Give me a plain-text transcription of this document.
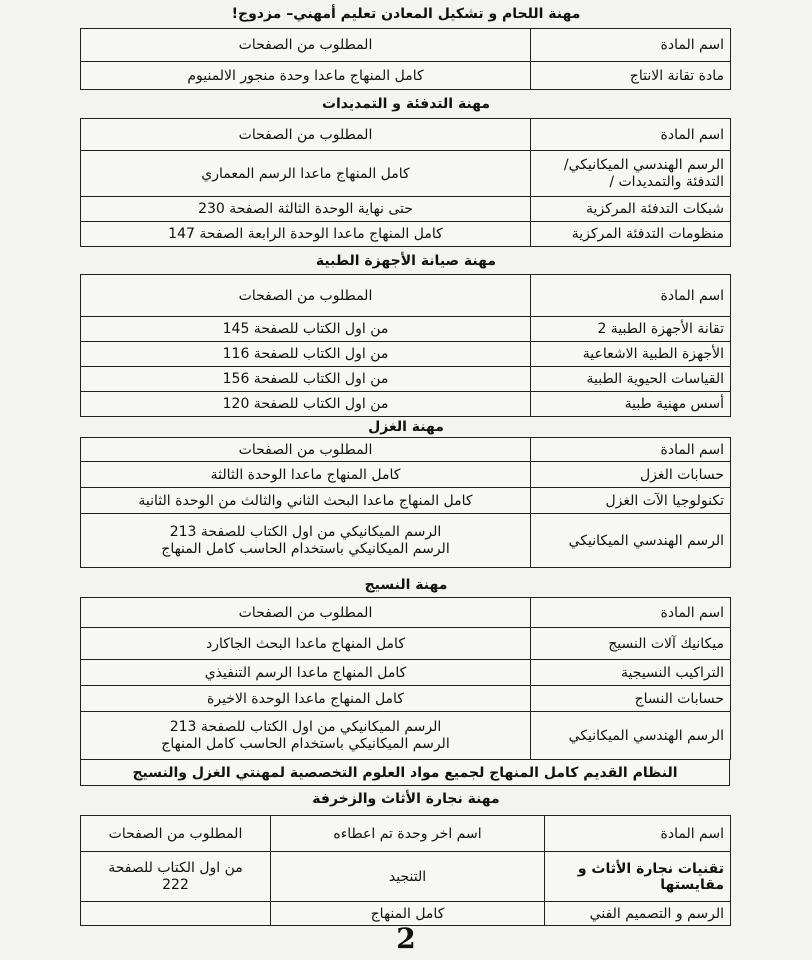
مهنة اللحام و تشكيل المعادن تعليم أمهني– مزدوج!
اسم المادة	المطلوب من الصفحات
مادة تقانة الانتاج	كامل المنهاج ماعدا وحدة منجور الالمنيوم
مهنة التدفئة و التمديدات
اسم المادة	المطلوب من الصفحات

الرسم الهندسي الميكانيكي/
التدفئة والتمديدات /	كامل المنهاج ماعدا الرسم المعماري
شبكات التدفئة المركزية	حتى نهاية الوحدة الثالثة الصفحة 230
منظومات التدفئة المركزية	كامل المنهاج ماعدا الوحدة الرابعة الصفحة 147
مهنة صيانة الأجهزة الطبية
اسم المادة	المطلوب من الصفحات
تقانة الأجهزة الطبية 2	من اول الكتاب للصفحة 145
الأجهزة الطبية الاشعاعية	من اول الكتاب للصفحة 116
القياسات الحيوية الطبية	من اول الكتاب للصفحة 156
أسس مهنية طبية	من اول الكتاب للصفحة 120
مهنة الغزل
اسم المادة	المطلوب من الصفحات
حسابات الغزل	كامل المنهاج ماعدا الوحدة الثالثة
تكنولوجيا الآت الغزل	كامل المنهاج ماعدا البحث الثاني والثالث من الوحدة الثانية
الرسم الهندسي الميكانيكي	الرسم الميكانيكي من اول الكتاب للصفحة 213
الرسم الميكانيكي باستخدام الحاسب كامل المنهاج
مهنة النسيج
اسم المادة	المطلوب من الصفحات
ميكانيك آلات النسيج	كامل المنهاج ماعدا البحث الجاكارد
التراكيب النسيجية	كامل المنهاج ماعدا الرسم التنفيذي
حسابات النساج	كامل المنهاج ماعدا الوحدة الاخيرة
الرسم الهندسي الميكانيكي	الرسم الميكانيكي من اول الكتاب للصفحة 213
الرسم الميكانيكي باستخدام الحاسب كامل المنهاج
النظام القديم كامل المنهاج لجميع مواد العلوم التخصصية لمهنتي الغزل والنسيج
مهنة نجارة الأثاث والزخرفة
اسم المادة	اسم اخر وحدة تم اعطاءه	المطلوب من الصفحات
تقنيات نجارة الأثاث و مقايستها	التنجيد	من اول الكتاب للصفحة
222

الرسم و التصميم الفني	كامل المنهاج	
2
